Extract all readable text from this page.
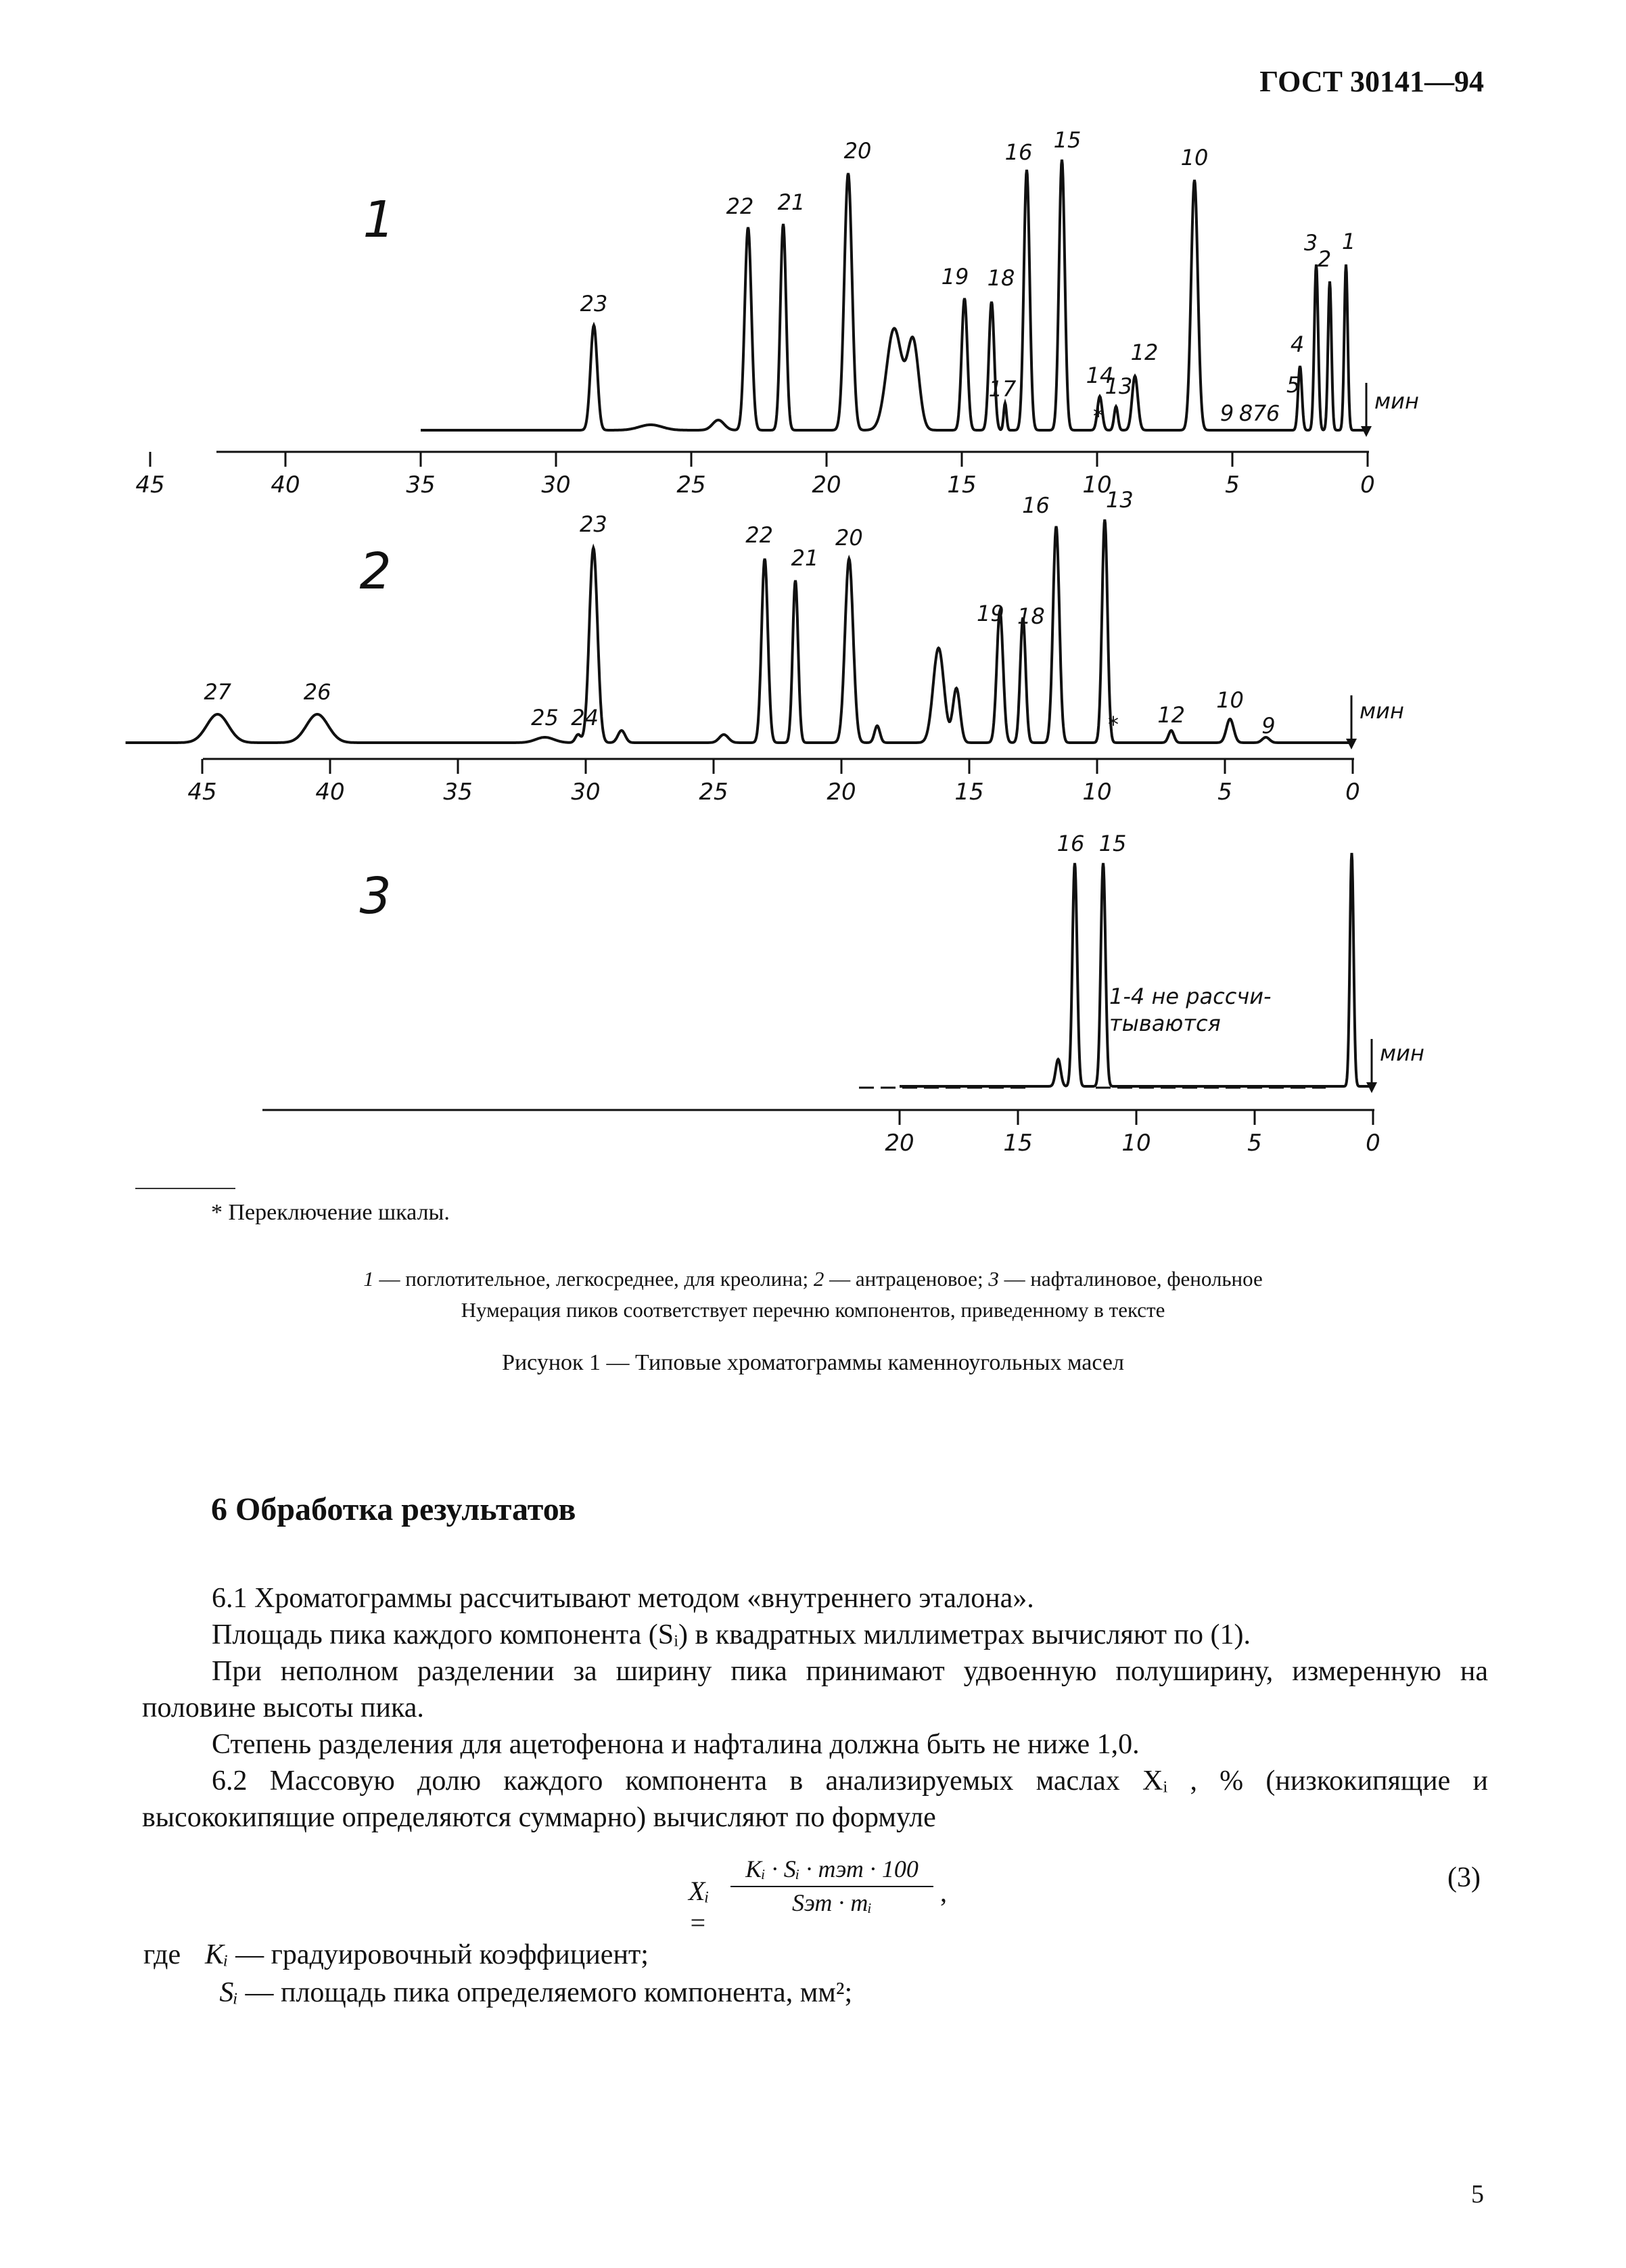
ГОСТ 30141—94
45	40	35	30	25	20	15	10	5	0
1
мин
23
22 21
20
19 18
17
16 15
14
13
12
10
9 8 7 6
5
4
3
2
1
45	40	35	30	25	20	15	10	5	0
2
мин
27	26
25 24
23	22
21
20
19 18
16	13
12
10
9
20	15	10	5	0
3
мин
16 15
*
*
1-4 не рассчи-
тываются
* Переключение шкалы.
1 — поглотительное, легкосреднее, для креолина; 2 — антраценовое; 3 — нафталиновое, фенольное
Нумерация пиков соответствует перечню компонентов, приведенному в тексте
Рисунок 1 — Типовые хроматограммы каменноугольных масел
6 Обработка результатов
6.1 Хроматограммы рассчитывают методом «внутреннего эталона».
Площадь пика каждого компонента (Sᵢ) в квадратных миллиметрах вычисляют по (1).
При неполном разделении за ширину пика принимают удвоенную полуширину, измеренную на половине высоты пика.
Степень разделения для ацетофенона и нафталина должна быть не ниже 1,0.
6.2 Массовую долю каждого компонента в анализируемых маслах Xᵢ , % (низкокипящие и высококипящие определяются суммарно) вычисляют по формуле
Xᵢ =
Kᵢ · Sᵢ · mэт · 100
Sэт · mᵢ	,	(3)
где Kᵢ — градуировочный коэффициент;
Sᵢ — площадь пика определяемого компонента, мм²;
5
